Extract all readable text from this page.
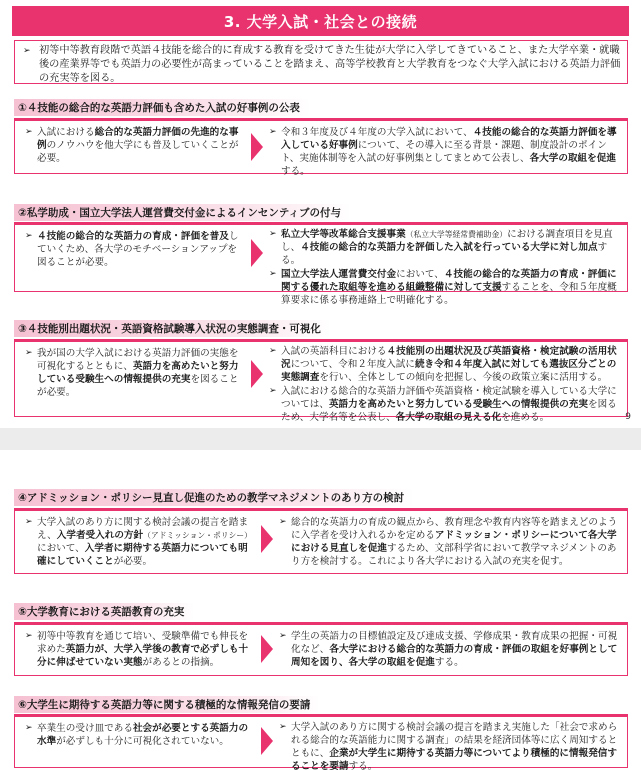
3. 大学入試・社会との接続
➢ 初等中等教育段階で英語４技能を総合的に育成する教育を受けてきた生徒が大学に入学してきていること、また大学卒業・就職後の産業界等でも英語力の必要性が高まっていることを踏まえ、高等学校教育と大学教育をつなぐ大学入試における英語力評価の充実等を図る。
①４技能の総合的な英語力評価も含めた入試の好事例の公表
➢ 入試における総合的な英語力評価の先進的な事例のノウハウを他大学にも普及していくことが必要。

➢ 令和３年度及び４年度の大学入試において、４技能の総合的な英語力評価を導入している好事例について、その導入に至る背景・課題、制度設計のポイント、実施体制等を入試の好事例集としてまとめて公表し、各大学の取組を促進する。

②私学助成・国立大学法人運営費交付金によるインセンティブの付与
➢ ４技能の総合的な英語力の育成・評価を普及していくため、各大学のモチベーションアップを図ることが必要。

➢ 私立大学等改革総合支援事業（私立大学等経常費補助金）における調査項目を見直し、４技能の総合的な英語力を評価した入試を行っている大学に対し加点する。

➢ 国立大学法人運営費交付金において、４技能の総合的な英語力の育成・評価に関する優れた取組等を進める組織整備に対して支援することを、令和５年度概算要求に係る事務連絡上で明確化する。

③４技能別出題状況・英語資格試験導入状況の実態調査・可視化
➢ 我が国の大学入試における英語力評価の実態を可視化するとともに、英語力を高めたいと努力している受験生への情報提供の充実を図ることが必要。

➢ 入試の英語科目における４技能別の出題状況及び英語資格・検定試験の活用状況について、令和２年度入試に続き令和４年度入試に対しても選抜区分ごとの実態調査を行い、全体としての傾向を把握し、今後の政策立案に活用する。

➢ 入試における総合的な英語力評価や英語資格・検定試験を導入している大学については、英語力を高めたいと努力している受験生への情報提供の充実を図るため、大学名等を公表し、各大学の取組の見える化を進める。	9
④アドミッション・ポリシー見直し促進のための教学マネジメントのあり方の検討
➢ 大学入試のあり方に関する検討会議の提言を踏まえ、入学者受入れの方針（アドミッション・ポリシー）において、入学者に期待する英語力についても明確にしていくことが必要。

➢ 総合的な英語力の育成の観点から、教育理念や教育内容等を踏まえどのように入学者を受け入れるかを定めるアドミッション・ポリシーについて各大学における見直しを促進するため、文部科学省において教学マネジメントのあり方を検討する。これにより各大学における入試の充実を促す。

⑤大学教育における英語教育の充実
➢ 初等中等教育を通じて培い、受験準備でも伸長を求めた英語力が、大学入学後の教育で必ずしも十分に伸ばせていない実態があるとの指摘。

➢ 学生の英語力の目標値設定及び達成支援、学修成果・教育成果の把握・可視化など、各大学における総合的な英語力の育成・評価の取組を好事例として周知を図り、各大学の取組を促進する。

⑥大学生に期待する英語力等に関する積極的な情報発信の要請
➢ 卒業生の受け皿である社会が必要とする英語力の水準が必ずしも十分に可視化されていない。

➢ 大学入試のあり方に関する検討会議の提言を踏まえ実施した「社会で求められる総合的な英語能力に関する調査」の結果を経済団体等に広く周知するとともに、企業が大学生に期待する英語力等についてより積極的に情報発信することを要請する。
